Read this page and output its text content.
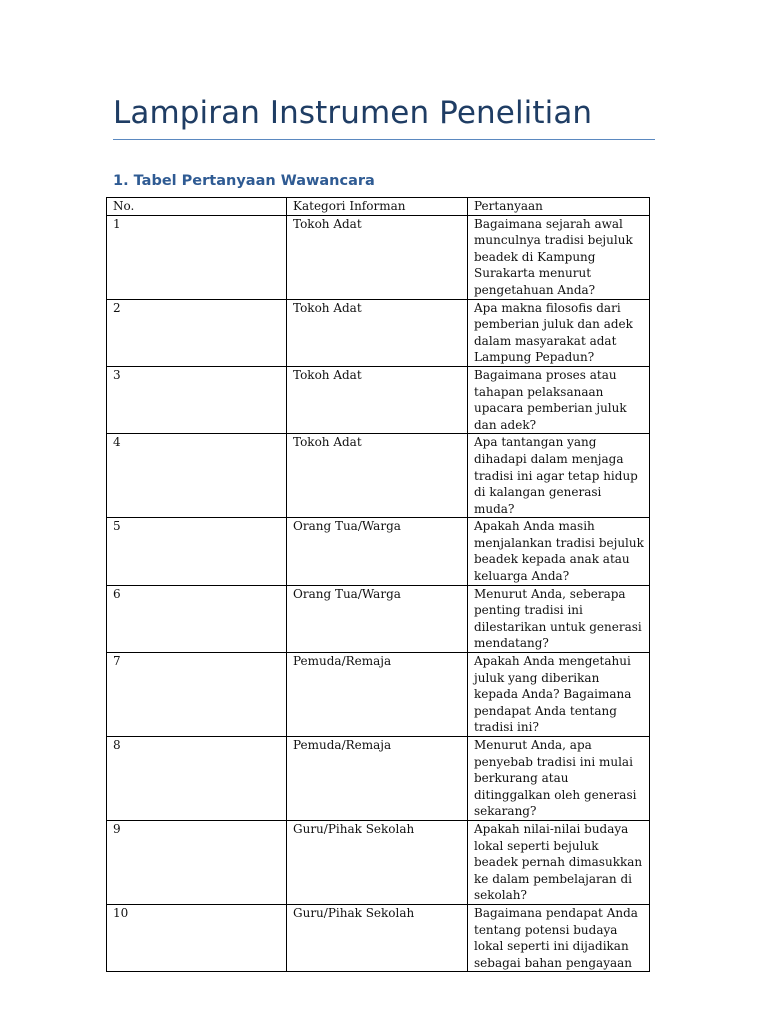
Lampiran Instrumen Penelitian
1. Tabel Pertanyaan Wawancara
No.	Kategori Informan	Pertanyaan
1	Tokoh Adat	Bagaimana sejarah awal munculnya tradisi bejuluk beadek di Kampung Surakarta menurut pengetahuan Anda?
2	Tokoh Adat	Apa makna filosofis dari pemberian juluk dan adek dalam masyarakat adat Lampung Pepadun?
3	Tokoh Adat	Bagaimana proses atau tahapan pelaksanaan upacara pemberian juluk dan adek?
4	Tokoh Adat	Apa tantangan yang dihadapi dalam menjaga tradisi ini agar tetap hidup di kalangan generasi muda?
5	Orang Tua/Warga	Apakah Anda masih menjalankan tradisi bejuluk beadek kepada anak atau keluarga Anda?
6	Orang Tua/Warga	Menurut Anda, seberapa penting tradisi ini dilestarikan untuk generasi mendatang?
7	Pemuda/Remaja	Apakah Anda mengetahui juluk yang diberikan kepada Anda? Bagaimana pendapat Anda tentang tradisi ini?
8	Pemuda/Remaja	Menurut Anda, apa penyebab tradisi ini mulai berkurang atau ditinggalkan oleh generasi sekarang?
9	Guru/Pihak Sekolah	Apakah nilai-nilai budaya lokal seperti bejuluk beadek pernah dimasukkan ke dalam pembelajaran di sekolah?
10	Guru/Pihak Sekolah	Bagaimana pendapat Anda tentang potensi budaya lokal seperti ini dijadikan sebagai bahan pengayaan
